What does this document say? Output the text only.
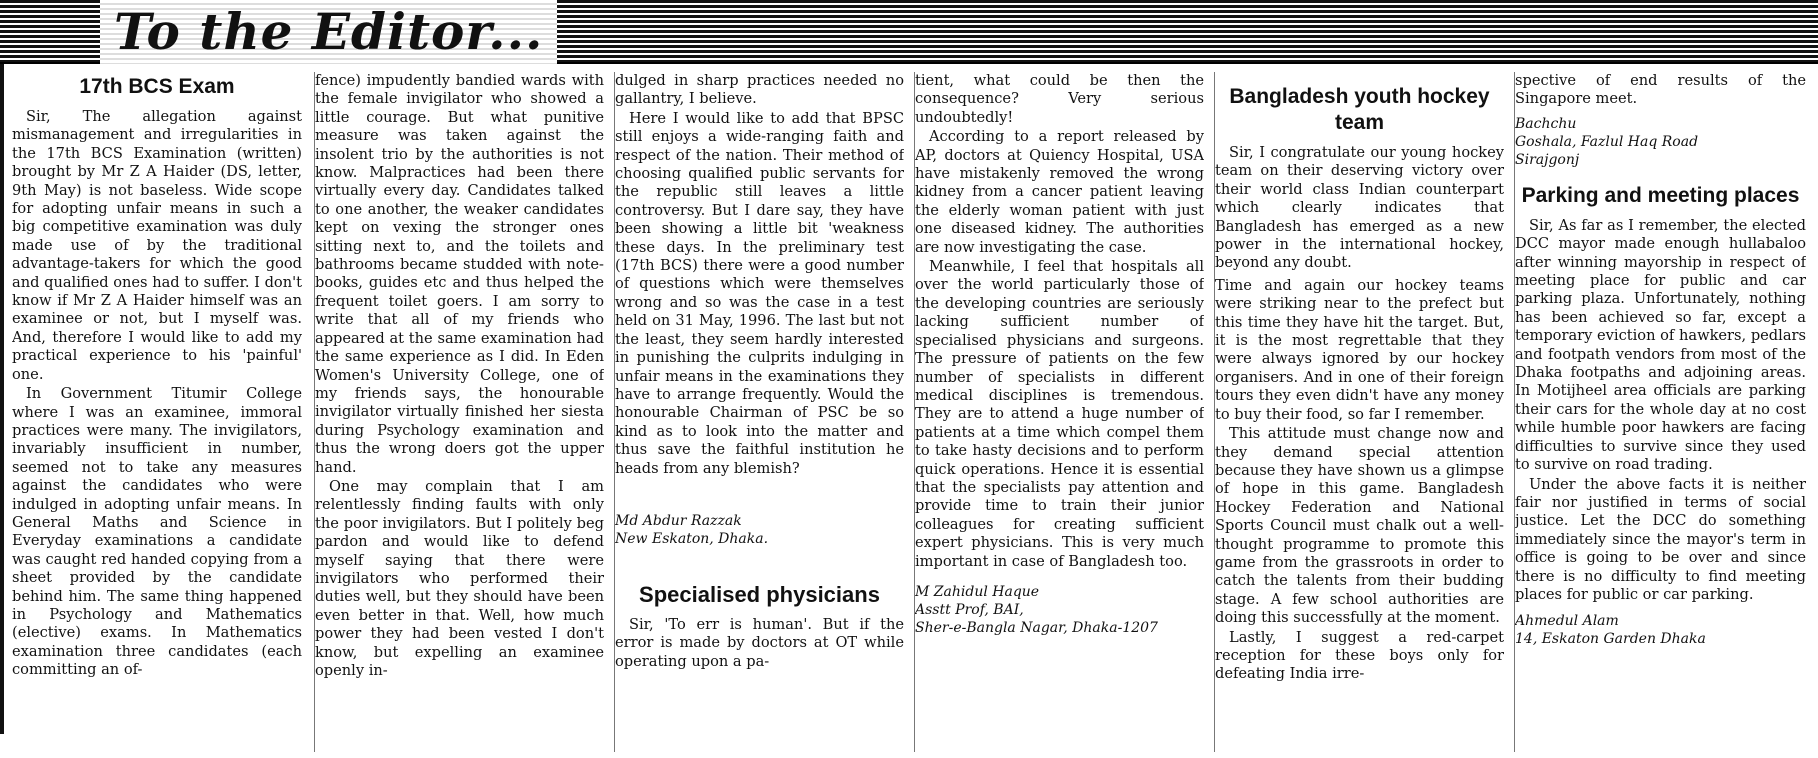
To the Editor...
17th BCS Exam

Sir, The allegation against mismanagement and irregularities in the 17th BCS Examination (written) brought by Mr Z A Haider (DS, letter, 9th May) is not baseless. Wide scope for adopting unfair means in such a big competitive examination was duly made use of by the traditional advantage-takers for which the good and qualified ones had to suffer. I don't know if Mr Z A Haider himself was an examinee or not, but I myself was. And, therefore I would like to add my practical experience to his 'painful' one.

In Government Titumir College where I was an examinee, immoral practices were many. The invigilators, invariably insufficient in number, seemed not to take any measures against the candidates who were indulged in adopting unfair means. In General Maths and Science in Everyday examinations a candidate was caught red handed copying from a sheet provided by the candidate behind him. The same thing happened in Psychology and Mathematics (elective) exams. In Mathematics examination three candidates (each committing an of-

fence) impudently bandied wards with the female invigilator who showed a little courage. But what punitive measure was taken against the insolent trio by the authorities is not know. Malpractices had been there virtually every day. Candidates talked to one another, the weaker candidates kept on vexing the stronger ones sitting next to, and the toilets and bathrooms became studded with note-books, guides etc and thus helped the frequent toilet goers. I am sorry to write that all of my friends who appeared at the same examination had the same experience as I did. In Eden Women's University College, one of my friends says, the honourable invigilator virtually finished her siesta during Psychology examination and thus the wrong doers got the upper hand.

One may complain that I am relentlessly finding faults with only the poor invigilators. But I politely beg pardon and would like to defend myself saying that there were invigilators who performed their duties well, but they should have been even better in that. Well, how much power they had been vested I don't know, but expelling an examinee openly in-

dulged in sharp practices needed no gallantry, I believe.

Here I would like to add that BPSC still enjoys a wide-ranging faith and respect of the nation. Their method of choosing qualified public servants for the republic still leaves a little controversy. But I dare say, they have been showing a little bit 'weakness these days. In the preliminary test (17th BCS) there were a good number of questions which were themselves wrong and so was the case in a test held on 31 May, 1996. The last but not the least, they seem hardly interested in punishing the culprits indulging in unfair means in the examinations they have to arrange frequently. Would the honourable Chairman of PSC be so kind as to look into the matter and thus save the faithful institution he heads from any blemish?

Md Abdur Razzak
New Eskaton, Dhaka.
Specialised physicians

Sir, 'To err is human'. But if the error is made by doctors at OT while operating upon a pa-

tient, what could be then the consequence? Very serious undoubtedly!

According to a report released by AP, doctors at Quiency Hospital, USA have mistakenly removed the wrong kidney from a cancer patient leaving the elderly woman patient with just one diseased kidney. The authorities are now investigating the case.

Meanwhile, I feel that hospitals all over the world particularly those of the developing countries are seriously lacking sufficient number of specialised physicians and surgeons. The pressure of patients on the few number of specialists in different medical disciplines is tremendous. They are to attend a huge number of patients at a time which compel them to take hasty decisions and to perform quick operations. Hence it is essential that the specialists pay attention and provide time to train their junior colleagues for creating sufficient expert physicians. This is very much important in case of Bangladesh too.

M Zahidul Haque
Asstt Prof, BAI,
Sher-e-Bangla Nagar, Dhaka-1207
Bangladesh youth hockey team

Sir, I congratulate our young hockey team on their deserving victory over their world class Indian counterpart which clearly indicates that Bangladesh has emerged as a new power in the international hockey, beyond any doubt.

Time and again our hockey teams were striking near to the prefect but this time they have hit the target. But, it is the most regrettable that they were always ignored by our hockey organisers. And in one of their foreign tours they even didn't have any money to buy their food, so far I remember.

This attitude must change now and they demand special attention because they have shown us a glimpse of hope in this game. Bangladesh Hockey Federation and National Sports Council must chalk out a well-thought programme to promote this game from the grassroots in order to catch the talents from their budding stage. A few school authorities are doing this successfully at the moment.

Lastly, I suggest a red-carpet reception for these boys only for defeating India irre-

spective of end results of the Singapore meet.

Bachchu
Goshala, Fazlul Haq Road
Sirajgonj
Parking and meeting places

Sir, As far as I remember, the elected DCC mayor made enough hullabaloo after winning mayorship in respect of meeting place for public and car parking plaza. Unfortunately, nothing has been achieved so far, except a temporary eviction of hawkers, pedlars and footpath vendors from most of the Dhaka footpaths and adjoining areas. In Motijheel area officials are parking their cars for the whole day at no cost while humble poor hawkers are facing difficulties to survive since they used to survive on road trading.

Under the above facts it is neither fair nor justified in terms of social justice. Let the DCC do something immediately since the mayor's term in office is going to be over and since there is no difficulty to find meeting places for public or car parking.

Ahmedul Alam
14, Eskaton Garden Dhaka
